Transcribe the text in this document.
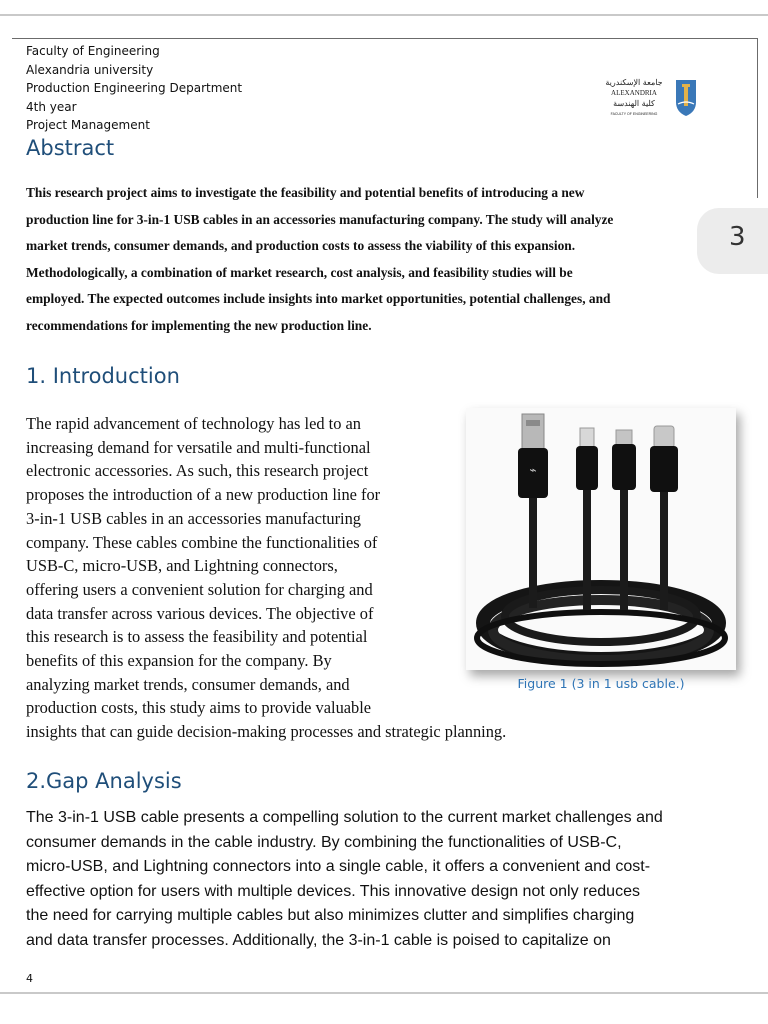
Faculty of Engineering
Alexandria university
Production Engineering Department
4th year
Project Management
جامعة الإسكندرية
ALEXANDRIA
كلية الهندسة
FACULTY OF ENGINEERING
Abstract
This research project aims to investigate the feasibility and potential benefits of introducing a new
production line for 3-in-1 USB cables in an accessories manufacturing company. The study will analyze
market trends, consumer demands, and production costs to assess the viability of this expansion.
Methodologically, a combination of market research, cost analysis, and feasibility studies will be
employed. The expected outcomes include insights into market opportunities, potential challenges, and
recommendations for implementing the new production line.
3
1. Introduction
The rapid advancement of technology has led to an
increasing demand for versatile and multi-functional
electronic accessories. As such, this research project
proposes the introduction of a new production line for
3-in-1 USB cables in an accessories manufacturing
company. These cables combine the functionalities of
USB-C, micro-USB, and Lightning connectors,
offering users a convenient solution for charging and
data transfer across various devices. The objective of
this research is to assess the feasibility and potential
benefits of this expansion for the company. By
analyzing market trends, consumer demands, and
production costs, this study aims to provide valuable
insights that can guide decision-making processes and strategic planning.
⌁
Figure 1 (3 in 1 usb cable.)
2.Gap Analysis
The 3-in-1 USB cable presents a compelling solution to the current market challenges and
consumer demands in the cable industry. By combining the functionalities of USB-C,
micro-USB, and Lightning connectors into a single cable, it offers a convenient and cost-
effective option for users with multiple devices. This innovative design not only reduces
the need for carrying multiple cables but also minimizes clutter and simplifies charging
and data transfer processes. Additionally, the 3-in-1 cable is poised to capitalize on
4
